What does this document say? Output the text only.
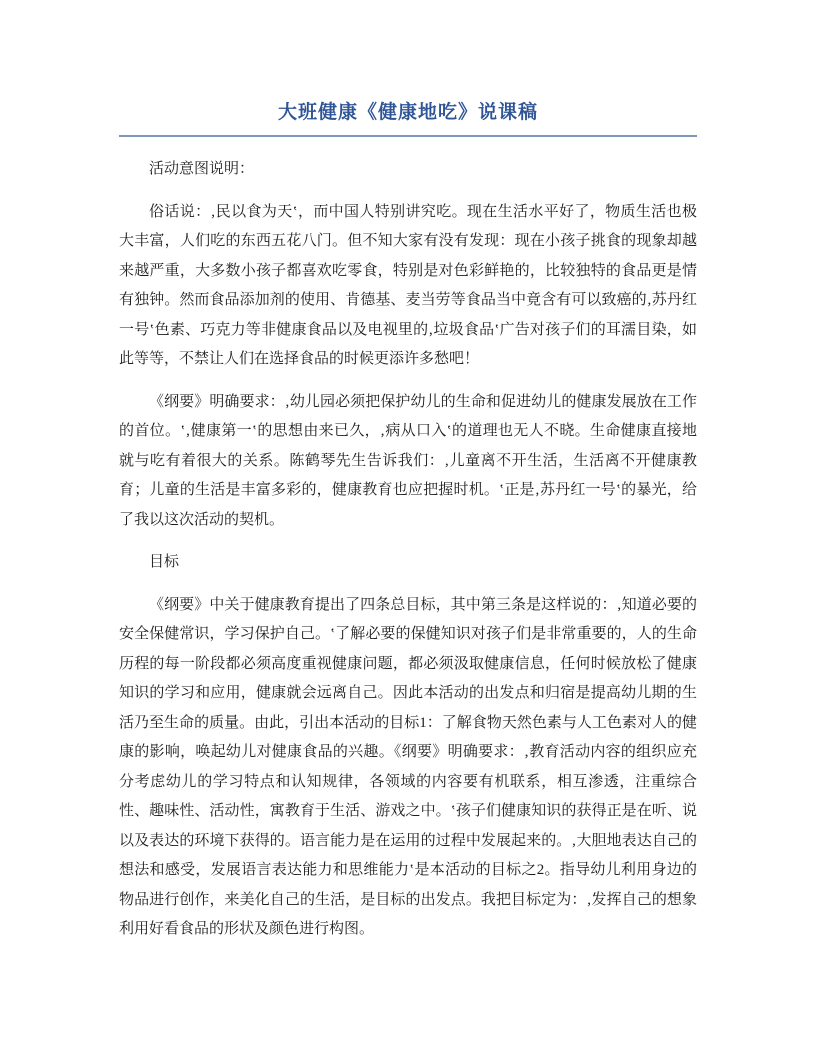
大班健康《健康地吃》说课稿

活动意图说明：

俗话说：‚民以食为天‛，而中国人特别讲究吃。现在生活水平好了，物质生活也极大丰富，人们吃的东西五花八门。但不知大家有没有发现：现在小孩子挑食的现象却越来越严重，大多数小孩子都喜欢吃零食，特别是对色彩鲜艳的，比较独特的食品更是情有独钟。然而食品添加剂的使用、肯德基、麦当劳等食品当中竟含有可以致癌的‚苏丹红一号‛色素、巧克力等非健康食品以及电视里的‚垃圾食品‛广告对孩子们的耳濡目染，如此等等，不禁让人们在选择食品的时候更添许多愁吧！

《纲要》明确要求：‚幼儿园必须把保护幼儿的生命和促进幼儿的健康发展放在工作的首位。‛‚健康第一‛的思想由来已久，‚病从口入‛的道理也无人不晓。生命健康直接地就与吃有着很大的关系。陈鹤琴先生告诉我们：‚儿童离不开生活，生活离不开健康教育；儿童的生活是丰富多彩的，健康教育也应把握时机。‛正是‚苏丹红一号‛的暴光，给了我以这次活动的契机。

目标

《纲要》中关于健康教育提出了四条总目标，其中第三条是这样说的：‚知道必要的安全保健常识，学习保护自己。‛了解必要的保健知识对孩子们是非常重要的，人的生命历程的每一阶段都必须高度重视健康问题，都必须汲取健康信息，任何时候放松了健康知识的学习和应用，健康就会远离自己。因此本活动的出发点和归宿是提高幼儿期的生活乃至生命的质量。由此，引出本活动的目标1：了解食物天然色素与人工色素对人的健康的影响，唤起幼儿对健康食品的兴趣。《纲要》明确要求：‚教育活动内容的组织应充分考虑幼儿的学习特点和认知规律，各领域的内容要有机联系，相互渗透，注重综合性、趣味性、活动性，寓教育于生活、游戏之中。‛孩子们健康知识的获得正是在听、说以及表达的环境下获得的。语言能力是在运用的过程中发展起来的。‚大胆地表达自己的想法和感受，发展语言表达能力和思维能力‛是本活动的目标之2。指导幼儿利用身边的物品进行创作，来美化自己的生活，是目标的出发点。我把目标定为：‚发挥自己的想象利用好看食品的形状及颜色进行构图。
